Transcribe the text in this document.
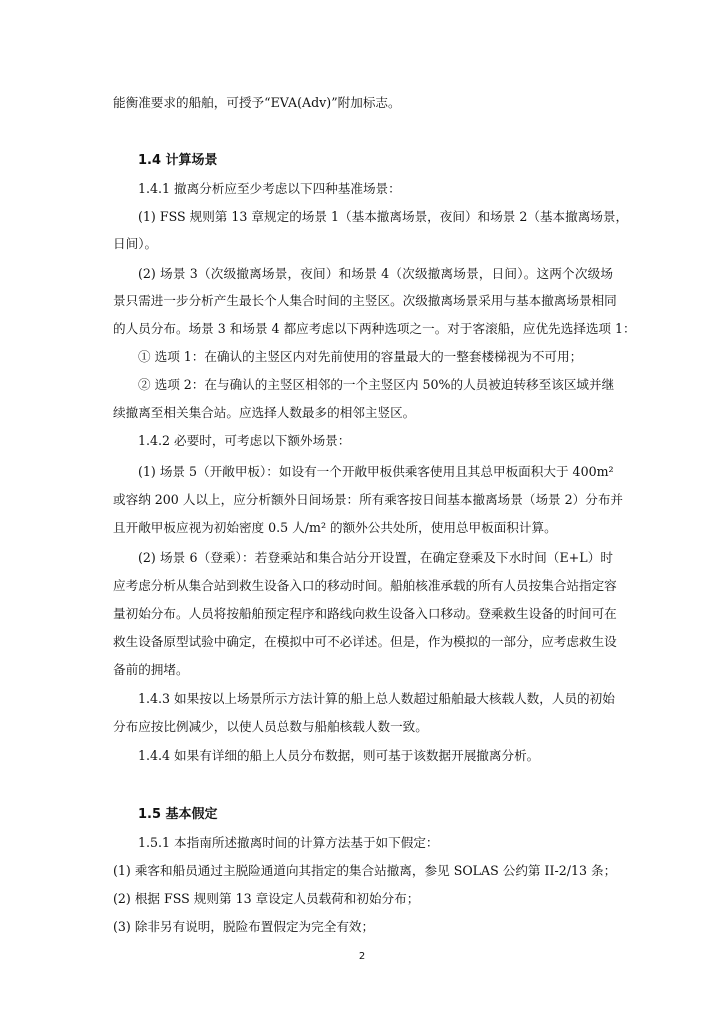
能衡准要求的船舶，可授予“EVA(Adv)”附加标志。
1.4 计算场景
1.4.1 撤离分析应至少考虑以下四种基准场景：
(1) FSS 规则第 13 章规定的场景 1（基本撤离场景，夜间）和场景 2（基本撤离场景，
日间）。
(2) 场景 3（次级撤离场景，夜间）和场景 4（次级撤离场景，日间）。这两个次级场
景只需进一步分析产生最长个人集合时间的主竖区。次级撤离场景采用与基本撤离场景相同
的人员分布。场景 3 和场景 4 都应考虑以下两种选项之一。对于客滚船，应优先选择选项 1：
① 选项 1：在确认的主竖区内对先前使用的容量最大的一整套楼梯视为不可用；
② 选项 2：在与确认的主竖区相邻的一个主竖区内 50%的人员被迫转移至该区域并继
续撤离至相关集合站。应选择人数最多的相邻主竖区。
1.4.2 必要时，可考虑以下额外场景：
(1) 场景 5（开敞甲板）：如设有一个开敞甲板供乘客使用且其总甲板面积大于 400m²
或容纳 200 人以上，应分析额外日间场景：所有乘客按日间基本撤离场景（场景 2）分布并
且开敞甲板应视为初始密度 0.5 人/m² 的额外公共处所，使用总甲板面积计算。
(2) 场景 6（登乘）：若登乘站和集合站分开设置，在确定登乘及下水时间（E+L）时
应考虑分析从集合站到救生设备入口的移动时间。船舶核准承载的所有人员按集合站指定容
量初始分布。人员将按船舶预定程序和路线向救生设备入口移动。登乘救生设备的时间可在
救生设备原型试验中确定，在模拟中可不必详述。但是，作为模拟的一部分，应考虑救生设
备前的拥堵。
1.4.3 如果按以上场景所示方法计算的船上总人数超过船舶最大核载人数，人员的初始
分布应按比例减少，以使人员总数与船舶核载人数一致。
1.4.4 如果有详细的船上人员分布数据，则可基于该数据开展撤离分析。
1.5 基本假定
1.5.1 本指南所述撤离时间的计算方法基于如下假定：
(1) 乘客和船员通过主脱险通道向其指定的集合站撤离，参见 SOLAS 公约第 II-2/13 条；
(2) 根据 FSS 规则第 13 章设定人员载荷和初始分布；
(3) 除非另有说明，脱险布置假定为完全有效；
2
